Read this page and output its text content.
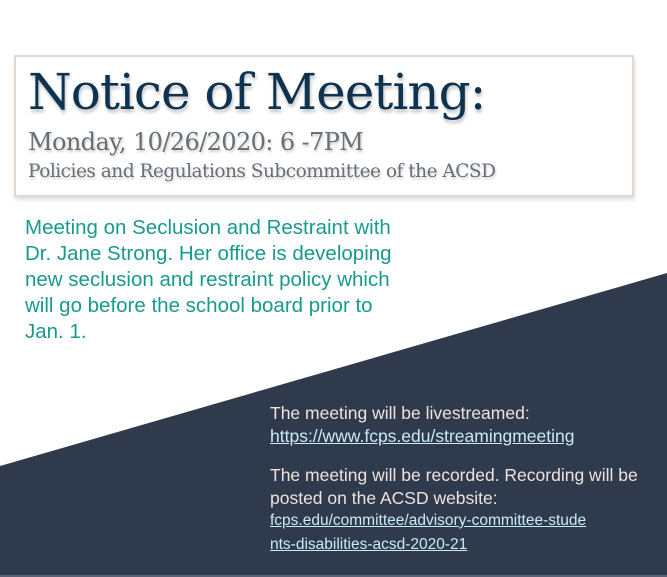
Notice of Meeting:
Monday, 10/26/2020: 6 -7PM
Policies and Regulations Subcommittee of the ACSD
Meeting on Seclusion and Restraint with Dr. Jane Strong. Her office is developing new seclusion and restraint policy which will go before the school board prior to Jan. 1.

The meeting will be livestreamed:

https://www.fcps.edu/streamingmeeting

The meeting will be recorded. Recording will be posted on the ACSD website:

fcps.edu/committee/advisory-committee-stude
nts-disabilities-acsd-2020-21
